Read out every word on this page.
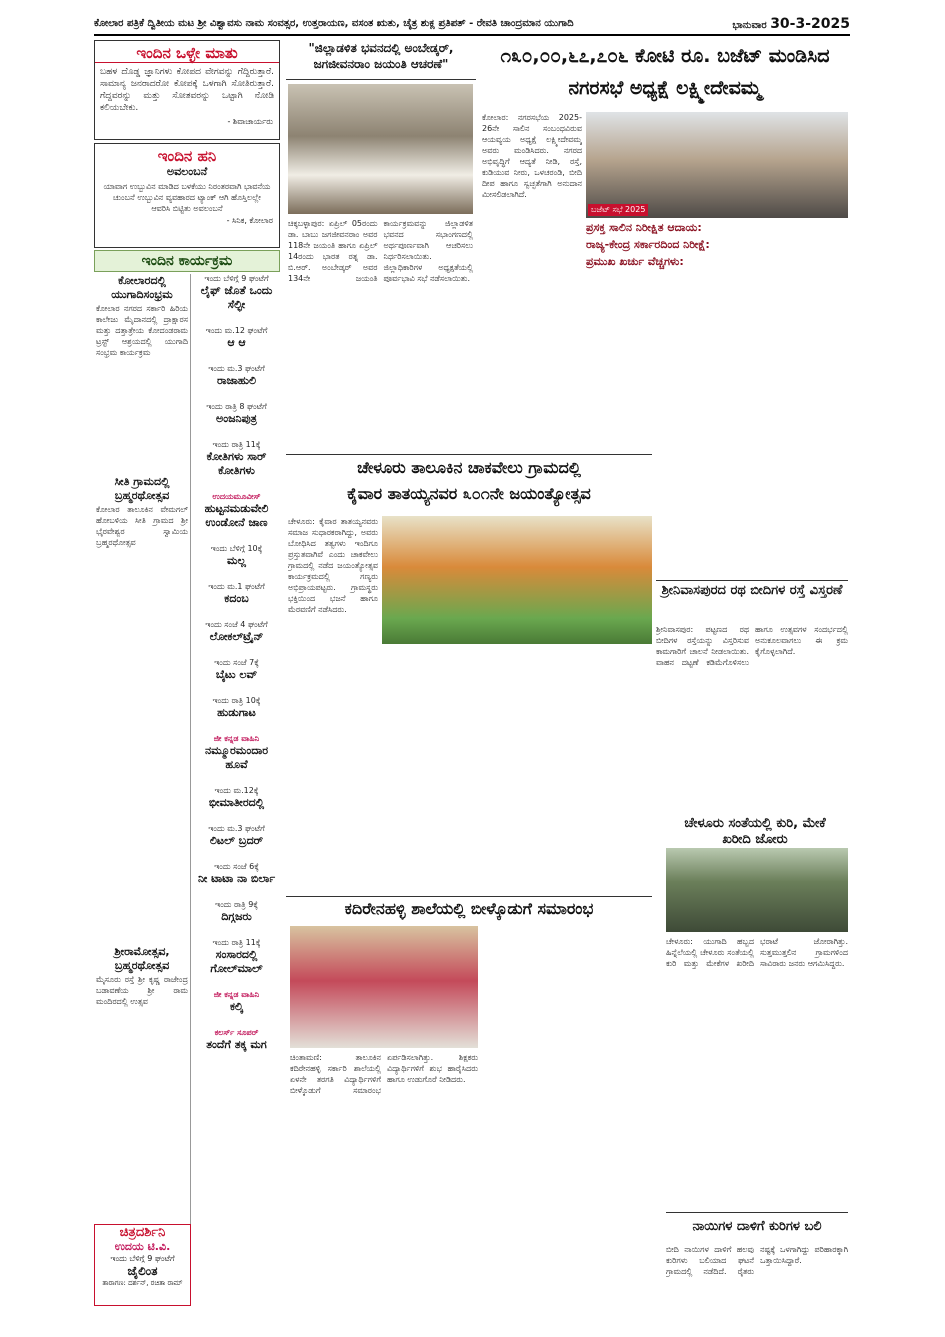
ಕೋಲಾರ ಪತ್ರಿಕೆ ದ್ವಿತೀಯ ಮಟ ಶ್ರೀ ವಿಶ್ವಾವಸು ನಾಮ ಸಂವತ್ಸರ, ಉತ್ತರಾಯಣ, ವಸಂತ ಋತು, ಚೈತ್ರ ಶುಕ್ಲ ಪ್ರತಿಪತ್ - ರೇವತಿ ಚಾಂದ್ರಮಾನ ಯುಗಾದಿ	ಭಾನುವಾರ 30-3-2025
ಇಂದಿನ ಒಳ್ಳೇ ಮಾತು
ಬಹಳ ದೊಡ್ಡ ಜ್ಞಾನಿಗಳು ಕೋಪದ ವೇಗವನ್ನು ಗೆದ್ದಿರುತ್ತಾರೆ. ಸಾಮಾನ್ಯ ಜನರಾದರೋ ಕೋಪಕ್ಕೆ ಒಳಗಾಗಿ ಸೋತಿರುತ್ತಾರೆ. ಗೆದ್ದವರನ್ನು ಮತ್ತು ಸೋತವರನ್ನು ಒಟ್ಟಾಗಿ ನೋಡಿ ಕಲಿಯಬೇಕು.
- ಶಿವಾಚಾರ್ಯರು
ಇಂದಿನ ಹನಿ
ಅವಲಂಬನೆ
ಯಾವಾಗ ಉಬ್ಬುವಿನ ಮಾಡಿದ ಬಳಕೆಯು ನಿರಂತರವಾಗಿ ಭಾವನೆಯ ಚುಂಬನೆ ಉಬ್ಬುವಿನ ವ್ಯವಹಾರದ ಟ್ಯಾಂಕ್ ಆಗಿ ಹೊಸ್ತಿಲಲ್ಲೇ ಆವರಿಸಿ ಬಿಟ್ಟಿತು ಅವಲಂಬನೆ
- ಸಿನಿಕ, ಕೋಲಾರ
ಇಂದಿನ ಕಾರ್ಯಕ್ರಮ
ಕೋಲಾರದಲ್ಲಿ ಯುಗಾದಿಸಂಭ್ರಮ
ಕೋಲಾರ ನಗರದ ಸರ್ಕಾರಿ ಹಿರಿಯ ಕಾಲೇಜು ಮೈದಾನದಲ್ಲಿ ದ್ರಾಕ್ಷಾರಸ ಮತ್ತು ದತ್ತಾತ್ರೇಯ ಕೋದಂಡರಾಮ ಟ್ರಸ್ಟ್ ಆಶ್ರಯದಲ್ಲಿ ಯುಗಾದಿ ಸಂಭ್ರಮ ಕಾರ್ಯಕ್ರಮ
ಸೀತಿ ಗ್ರಾಮದಲ್ಲಿ ಬ್ರಹ್ಮರಥೋತ್ಸವ
ಕೋಲಾರ ತಾಲೂಕಿನ ವೇಮಗಲ್ ಹೋಬಳಿಯ ಸೀತಿ ಗ್ರಾಮದ ಶ್ರೀ ಭೈರವೇಶ್ವರ ಸ್ವಾಮಿಯ ಬ್ರಹ್ಮರಥೋತ್ಸವ
ಶ್ರೀರಾಮೋತ್ಸವ, ಬ್ರಹ್ಮರಥೋತ್ಸವ
ಮೈಸೂರು ರಸ್ತೆ ಶ್ರೀ ಕೃಷ್ಣ ರಾಜೇಂದ್ರ ಬಡಾವಣೆಯ ಶ್ರೀ ರಾಮ ಮಂದಿರದಲ್ಲಿ ಉತ್ಸವ
ಚಿತ್ರದರ್ಶಿನಿ
ಉದಯ ಟಿ.ವಿ.
ಇಂದು ಬೆಳಿಗ್ಗೆ 9 ಘಂಟೆಗೆ
ಜೈಲಿಂತ
ತಾರಾಗಣ: ದರ್ಶನ್, ರಚಿತಾ ರಾಮ್
ಇಂದು ಬೆಳಿಗ್ಗೆ 9 ಘಂಟೆಗೆ
ಲೈಫ್ ಜೊತೆ ಒಂದು ಸೆಲ್ಫೀ
ಇಂದು ಮ.12 ಘಂಟೆಗೆ
ಆ ಆ
ಇಂದು ಮ.3 ಘಂಟೆಗೆ
ರಾಜಾಹುಲಿ
ಇಂದು ರಾತ್ರಿ 8 ಘಂಟೆಗೆ
ಅಂಜನಿಪುತ್ರ
ಇಂದು ರಾತ್ರಿ 11ಕ್ಕೆ
ಕೋತಿಗಳು ಸಾರ್ ಕೋತಿಗಳು
ಉದಯಮೂವೀಸ್
ಹುಟ್ಟನಮಡುವೇಲಿ ಉಂಡೋನೆ ಜಾಣ
ಇಂದು ಬೆಳಿಗ್ಗೆ 10ಕ್ಕೆ
ಮಲ್ಲ
ಇಂದು ಮ.1 ಘಂಟೆಗೆ
ಕದಂಬ
ಇಂದು ಸಂಜೆ 4 ಘಂಟೆಗೆ
ಲೋಕಲ್‌ಟ್ರೈನ್
ಇಂದು ಸಂಜೆ 7ಕ್ಕೆ
ಬೈಟು ಲವ್
ಇಂದು ರಾತ್ರಿ 10ಕ್ಕೆ
ಹುಡುಗಾಟ
ಜೀ ಕನ್ನಡ ವಾಹಿನಿ
ನಮ್ಮೂರಮಂದಾರ ಹೂವೆ
ಇಂದು ಮ.12ಕ್ಕೆ
ಭೀಮಾತೀರದಲ್ಲಿ
ಇಂದು ಮ.3 ಘಂಟೆಗೆ
ಲಿಟಲ್ ಬ್ರದರ್
ಇಂದು ಸಂಜೆ 6ಕ್ಕೆ
ನೀ ಟಾಟಾ ನಾ ಬಿರ್ಲಾ
ಇಂದು ರಾತ್ರಿ 9ಕ್ಕೆ
ದಿಗ್ಗಜರು
ಇಂದು ರಾತ್ರಿ 11ಕ್ಕೆ
ಸಂಸಾರದಲ್ಲಿ ಗೋಲ್‌ಮಾಲ್
ಜೀ ಕನ್ನಡ ವಾಹಿನಿ
ಕಲ್ಕಿ
ಕಲರ್ಸ್ ಸೂಪರ್
ತಂದೆಗೆ ತಕ್ಕ ಮಗ
"ಜಿಲ್ಲಾಡಳಿತ ಭವನದಲ್ಲಿ ಅಂಬೇಡ್ಕರ್, ಜಗಜೀವನರಾಂ ಜಯಂತಿ ಆಚರಣೆ"
ಚಿಕ್ಕಬಳ್ಳಾಪುರ: ಏಪ್ರಿಲ್ 05ರಂದು ಡಾ. ಬಾಬು ಜಗಜೀವನರಾಂ ಅವರ 118ನೇ ಜಯಂತಿ ಹಾಗೂ ಏಪ್ರಿಲ್ 14ರಂದು ಭಾರತ ರತ್ನ ಡಾ. ಬಿ.ಆರ್. ಅಂಬೇಡ್ಕರ್ ಅವರ 134ನೇ ಜಯಂತಿ ಕಾರ್ಯಕ್ರಮವನ್ನು ಜಿಲ್ಲಾಡಳಿತ ಭವನದ ಸಭಾಂಗಣದಲ್ಲಿ ಅರ್ಥಪೂರ್ಣವಾಗಿ ಆಚರಿಸಲು ನಿರ್ಧರಿಸಲಾಯಿತು. ಜಿಲ್ಲಾಧಿಕಾರಿಗಳ ಅಧ್ಯಕ್ಷತೆಯಲ್ಲಿ ಪೂರ್ವಭಾವಿ ಸಭೆ ನಡೆಸಲಾಯಿತು.
೧೩೦,೦೦,೬೭,೭೦೬ ಕೋಟಿ ರೂ. ಬಜೆಟ್ ಮಂಡಿಸಿದ ನಗರಸಭೆ ಅಧ್ಯಕ್ಷೆ ಲಕ್ಷ್ಮೀದೇವಮ್ಮ
ಕೋಲಾರ: ನಗರಸಭೆಯ 2025-26ನೇ ಸಾಲಿನ ಸಂಬಂಧವಿರುವ ಆಯವ್ಯಯ ಅಧ್ಯಕ್ಷೆ ಲಕ್ಷ್ಮೀದೇವಮ್ಮ ಅವರು ಮಂಡಿಸಿದರು. ನಗರದ ಅಭಿವೃದ್ಧಿಗೆ ಆದ್ಯತೆ ನೀಡಿ, ರಸ್ತೆ, ಕುಡಿಯುವ ನೀರು, ಒಳಚರಂಡಿ, ಬೀದಿ ದೀಪ ಹಾಗೂ ಸ್ವಚ್ಛತೆಗಾಗಿ ಅನುದಾನ ಮೀಸಲಿಡಲಾಗಿದೆ.
ಬಜೆಟ್ ಸಭೆ 2025
ಪ್ರಸಕ್ತ ಸಾಲಿನ ನಿರೀಕ್ಷಿತ ಆದಾಯ:
ರಾಜ್ಯ-ಕೇಂದ್ರ ಸರ್ಕಾರದಿಂದ ನಿರೀಕ್ಷೆ:
ಪ್ರಮುಖ ಖರ್ಚು ವೆಚ್ಚಗಳು:
ಚೇಳೂರು ತಾಲೂಕಿನ ಚಾಕವೇಲು ಗ್ರಾಮದಲ್ಲಿ
ಕೈವಾರ ತಾತಯ್ಯನವರ ೩೦೧ನೇ ಜಯಂತ್ಯೋತ್ಸವ
ಚೇಳೂರು: ಕೈವಾರ ತಾತಯ್ಯನವರು ಸಮಾಜ ಸುಧಾರಕರಾಗಿದ್ದು, ಅವರು ಬೋಧಿಸಿದ ತತ್ವಗಳು ಇಂದಿಗೂ ಪ್ರಸ್ತುತವಾಗಿವೆ ಎಂದು ಚಾಕವೇಲು ಗ್ರಾಮದಲ್ಲಿ ನಡೆದ ಜಯಂತ್ಯೋತ್ಸವ ಕಾರ್ಯಕ್ರಮದಲ್ಲಿ ಗಣ್ಯರು ಅಭಿಪ್ರಾಯಪಟ್ಟರು. ಗ್ರಾಮಸ್ಥರು ಭಕ್ತಿಯಿಂದ ಭಜನೆ ಹಾಗೂ ಮೆರವಣಿಗೆ ನಡೆಸಿದರು.
ಶ್ರೀನಿವಾಸಪುರದ ರಥ ಬೀದಿಗಳ ರಸ್ತೆ ವಿಸ್ತರಣೆ
ಶ್ರೀನಿವಾಸಪುರ: ಪಟ್ಟಣದ ರಥ ಬೀದಿಗಳ ರಸ್ತೆಯನ್ನು ವಿಸ್ತರಿಸುವ ಕಾಮಗಾರಿಗೆ ಚಾಲನೆ ನೀಡಲಾಯಿತು. ವಾಹನ ದಟ್ಟಣೆ ಕಡಿಮೆಗೊಳಿಸಲು ಹಾಗೂ ಉತ್ಸವಗಳ ಸಂದರ್ಭದಲ್ಲಿ ಅನುಕೂಲವಾಗಲು ಈ ಕ್ರಮ ಕೈಗೊಳ್ಳಲಾಗಿದೆ.
ಚೇಳೂರು ಸಂತೆಯಲ್ಲಿ ಕುರಿ, ಮೇಕೆ ಖರೀದಿ ಜೋರು
ಚೇಳೂರು: ಯುಗಾದಿ ಹಬ್ಬದ ಹಿನ್ನೆಲೆಯಲ್ಲಿ ಚೇಳೂರು ಸಂತೆಯಲ್ಲಿ ಕುರಿ ಮತ್ತು ಮೇಕೆಗಳ ಖರೀದಿ ಭರಾಟೆ ಜೋರಾಗಿತ್ತು. ಸುತ್ತಮುತ್ತಲಿನ ಗ್ರಾಮಗಳಿಂದ ಸಾವಿರಾರು ಜನರು ಆಗಮಿಸಿದ್ದರು.
ಕದಿರೇನಹಳ್ಳಿ ಶಾಲೆಯಲ್ಲಿ ಬೀಳ್ಕೊಡುಗೆ ಸಮಾರಂಭ
ಚಿಂತಾಮಣಿ: ತಾಲೂಕಿನ ಕದಿರೇನಹಳ್ಳಿ ಸರ್ಕಾರಿ ಶಾಲೆಯಲ್ಲಿ ಏಳನೇ ತರಗತಿ ವಿದ್ಯಾರ್ಥಿಗಳಿಗೆ ಬೀಳ್ಕೊಡುಗೆ ಸಮಾರಂಭ ಏರ್ಪಡಿಸಲಾಗಿತ್ತು. ಶಿಕ್ಷಕರು ವಿದ್ಯಾರ್ಥಿಗಳಿಗೆ ಶುಭ ಹಾರೈಸಿದರು ಹಾಗೂ ಉಡುಗೊರೆ ನೀಡಿದರು.
ನಾಯಿಗಳ ದಾಳಿಗೆ ಕುರಿಗಳ ಬಲಿ
ಬೀದಿ ನಾಯಿಗಳ ದಾಳಿಗೆ ಹಲವು ಕುರಿಗಳು ಬಲಿಯಾದ ಘಟನೆ ಗ್ರಾಮದಲ್ಲಿ ನಡೆದಿದೆ. ರೈತರು ನಷ್ಟಕ್ಕೆ ಒಳಗಾಗಿದ್ದು ಪರಿಹಾರಕ್ಕಾಗಿ ಒತ್ತಾಯಿಸಿದ್ದಾರೆ.
